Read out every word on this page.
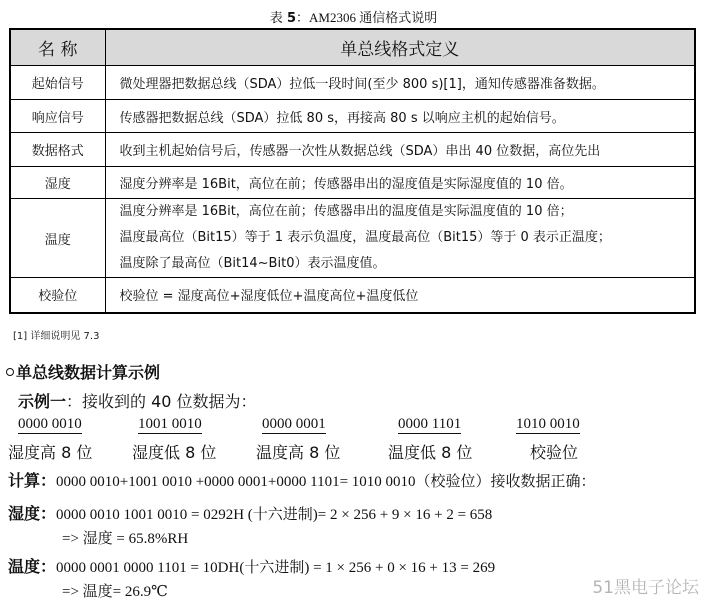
表 5：AM2306 通信格式说明
名 称	单总线格式定义
起始信号	微处理器把数据总线（SDA）拉低一段时间(至少 800 s)[1]，通知传感器准备数据。
响应信号	传感器把数据总线（SDA）拉低 80 s，再接高 80 s 以响应主机的起始信号。
数据格式	收到主机起始信号后，传感器一次性从数据总线（SDA）串出 40 位数据，高位先出
湿度	湿度分辨率是 16Bit，高位在前；传感器串出的湿度值是实际湿度值的 10 倍。
温度	温度分辨率是 16Bit，高位在前；传感器串出的温度值是实际温度值的 10 倍；
温度最高位（Bit15）等于 1 表示负温度，温度最高位（Bit15）等于 0 表示正温度；
温度除了最高位（Bit14~Bit0）表示温度值。

校验位	校验位 = 湿度高位+湿度低位+温度高位+温度低位
[1] 详细说明见 7.3
单总线数据计算示例
示例一：接收到的 40 位数据为：
0000 0010	1001 0010	0000 0001	0000 1101	1010 0010
湿度高 8 位 湿度低 8 位 温度高 8 位	温度低 8 位	校验位
计算：0000 0010+1001 0010 +0000 0001+0000 1101= 1010 0010（校验位）接收数据正确：
湿度：0000 0010 1001 0010 = 0292H (十六进制)= 2 × 256 + 9 × 16 + 2 = 658
=> 湿度 = 65.8%RH
温度：0000 0001 0000 1101 = 10DH(十六进制) = 1 × 256 + 0 × 16 + 13 = 269
=> 温度= 26.9℃	51黑电子论坛
